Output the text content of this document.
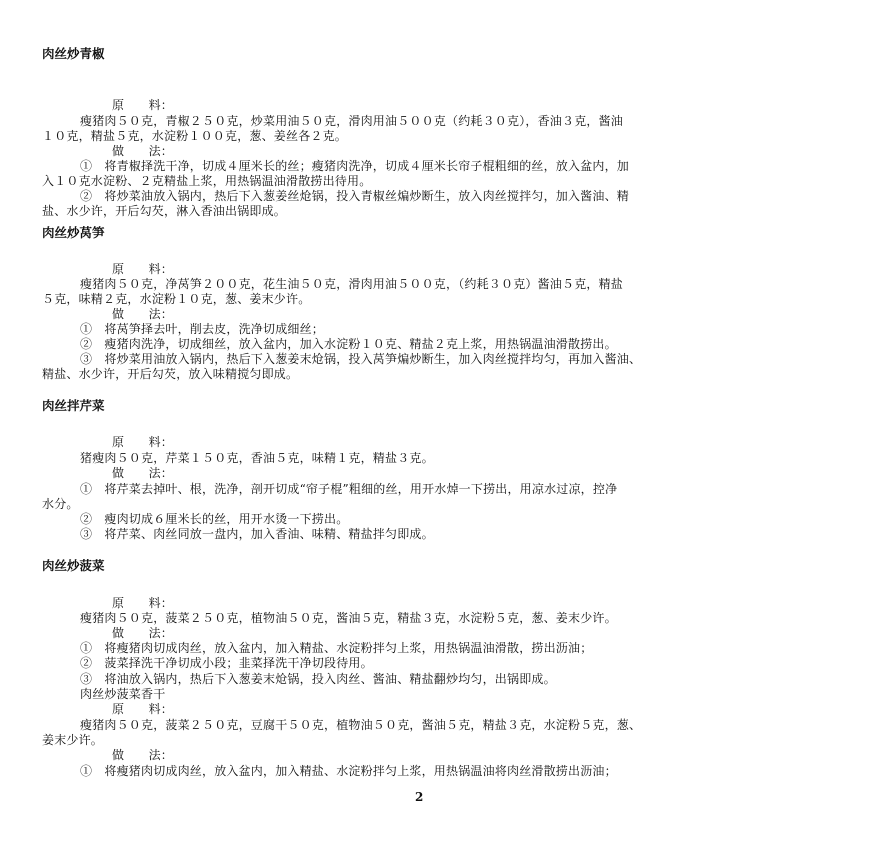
肉丝炒青椒
原　　料：
瘦猪肉５０克，青椒２５０克，炒菜用油５０克，滑肉用油５００克（约耗３０克），香油３克，酱油
１０克，精盐５克，水淀粉１００克，葱、姜丝各２克。
做　　法：
①　将青椒择洗干净，切成４厘米长的丝；瘦猪肉洗净，切成４厘米长帘子棍粗细的丝，放入盆内，加
入１０克水淀粉、２克精盐上浆，用热锅温油滑散捞出待用。
②　将炒菜油放入锅内，热后下入葱姜丝炝锅，投入青椒丝煸炒断生，放入肉丝搅拌匀，加入酱油、精
盐、水少许，开后勾芡，淋入香油出锅即成。
肉丝炒莴笋
原　　料：
瘦猪肉５０克，净莴笋２００克，花生油５０克，滑肉用油５００克，（约耗３０克）酱油５克，精盐
５克，味精２克，水淀粉１０克，葱、姜末少许。
做　　法：
①　将莴笋择去叶，削去皮，洗净切成细丝；
②　瘦猪肉洗净，切成细丝，放入盆内，加入水淀粉１０克、精盐２克上浆，用热锅温油滑散捞出。
③　将炒菜用油放入锅内，热后下入葱姜末炝锅，投入莴笋煸炒断生，加入肉丝搅拌均匀，再加入酱油、
精盐、水少许，开后勾芡，放入味精搅匀即成。
肉丝拌芹菜
原　　料：
猪瘦肉５０克，芹菜１５０克，香油５克，味精１克，精盐３克。
做　　法：
①　将芹菜去掉叶、根，洗净，剖开切成“帘子棍”粗细的丝，用开水焯一下捞出，用凉水过凉，控净
水分。
②　瘦肉切成６厘米长的丝，用开水烫一下捞出。
③　将芹菜、肉丝同放一盘内，加入香油、味精、精盐拌匀即成。
肉丝炒菠菜
原　　料：
瘦猪肉５０克，菠菜２５０克，植物油５０克，酱油５克，精盐３克，水淀粉５克，葱、姜末少许。
做　　法：
①　将瘦猪肉切成肉丝，放入盆内，加入精盐、水淀粉拌匀上浆，用热锅温油滑散，捞出沥油；
②　菠菜择洗干净切成小段；韭菜择洗干净切段待用。
③　将油放入锅内，热后下入葱姜末炝锅，投入肉丝、酱油、精盐翻炒均匀，出锅即成。
肉丝炒菠菜香干
原　　料：
瘦猪肉５０克，菠菜２５０克，豆腐干５０克，植物油５０克，酱油５克，精盐３克，水淀粉５克，葱、
姜末少许。
做　　法：
①　将瘦猪肉切成肉丝，放入盆内，加入精盐、水淀粉拌匀上浆，用热锅温油将肉丝滑散捞出沥油；
2
